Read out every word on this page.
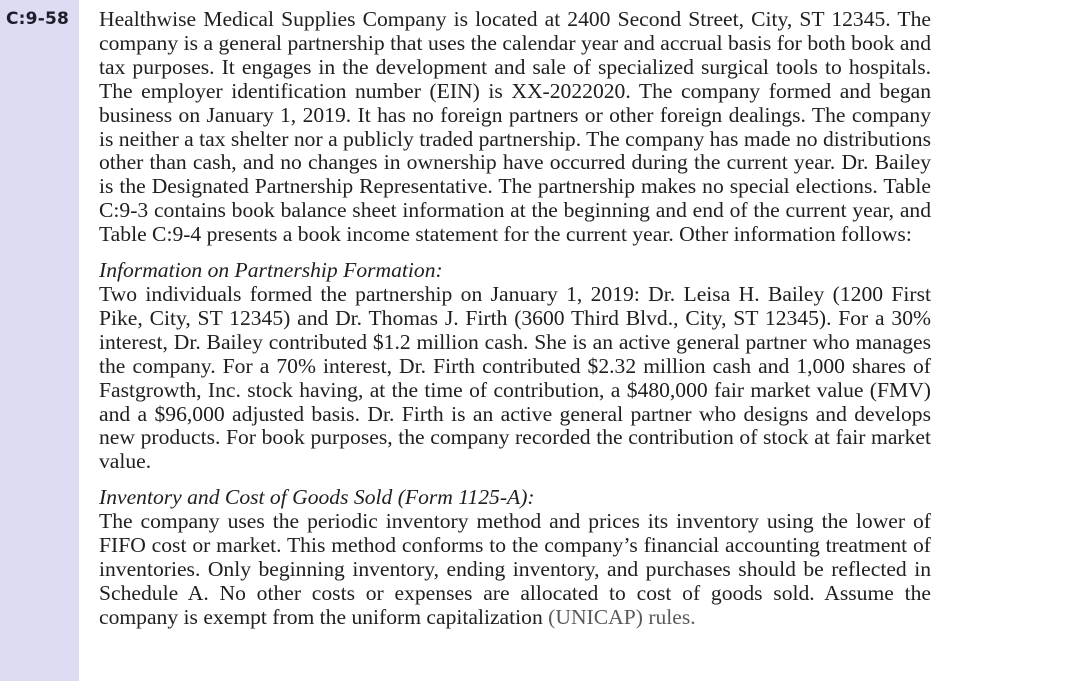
C:9-58 Healthwise Medical Supplies Company is located at 2400 Second Street, City, ST 12345. The company is a general partnership that uses the calendar year and accrual basis for both book and tax purposes. It engages in the development and sale of specialized surgical tools to hospitals. The employer identification number (EIN) is XX-2022020. The company formed and began business on January 1, 2019. It has no foreign partners or other foreign dealings. The company is neither a tax shelter nor a publicly traded partnership. The company has made no distributions other than cash, and no changes in ownership have occurred during the current year. Dr. Bailey is the Designated Partnership Representative. The partnership makes no special elections. Table C:9-3 contains book balance sheet information at the beginning and end of the current year, and Table C:9-4 presents a book income statement for the current year. Other information follows:

Information on Partnership Formation:

Two individuals formed the partnership on January 1, 2019: Dr. Leisa H. Bailey (1200 First Pike, City, ST 12345) and Dr. Thomas J. Firth (3600 Third Blvd., City, ST 12345). For a 30% interest, Dr. Bailey contributed $1.2 million cash. She is an active general partner who manages the company. For a 70% interest, Dr. Firth contributed $2.32 million cash and 1,000 shares of Fastgrowth, Inc. stock having, at the time of contribution, a $480,000 fair market value (FMV) and a $96,000 adjusted basis. Dr. Firth is an active general partner who designs and develops new products. For book purposes, the company recorded the contribution of stock at fair market value.

Inventory and Cost of Goods Sold (Form 1125-A):

The company uses the periodic inventory method and prices its inventory using the lower of FIFO cost or market. This method conforms to the company’s financial accounting treatment of inventories. Only beginning inventory, ending inventory, and purchases should be reflected in Schedule A. No other costs or expenses are allocated to cost of goods sold. Assume the company is exempt from the uniform capitalization (UNICAP) rules.
